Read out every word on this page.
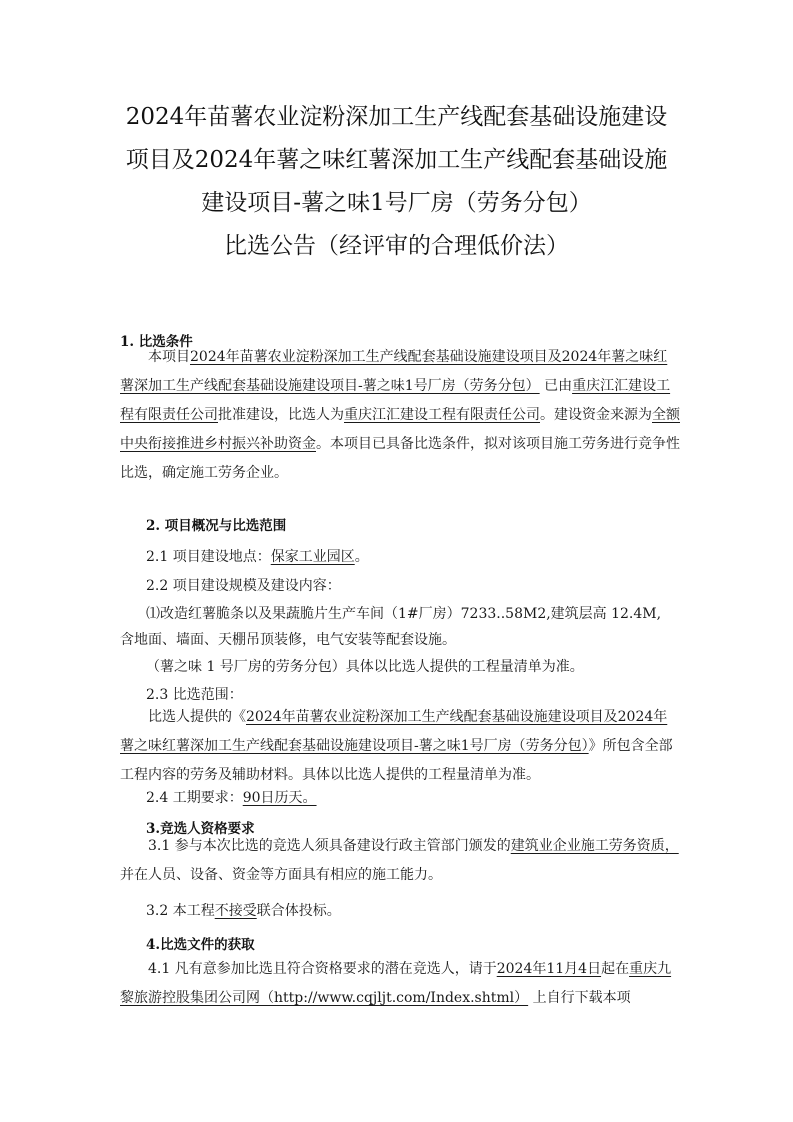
2024年苗薯农业淀粉深加工生产线配套基础设施建设
项目及2024年薯之味红薯深加工生产线配套基础设施
建设项目-薯之味1号厂房（劳务分包）
比选公告（经评审的合理低价法）
1. 比选条件
本项目2024年苗薯农业淀粉深加工生产线配套基础设施建设项目及2024年薯之味红薯深加工生产线配套基础设施建设项目-薯之味1号厂房（劳务分包） 已由重庆江汇建设工程有限责任公司批准建设，比选人为重庆江汇建设工程有限责任公司。建设资金来源为全额中央衔接推进乡村振兴补助资金。本项目已具备比选条件，拟对该项目施工劳务进行竞争性比选，确定施工劳务企业。
2. 项目概况与比选范围
2.1 项目建设地点：保家工业园区。
2.2 项目建设规模及建设内容：
⑴改造红薯脆条以及果蔬脆片生产车间（1#厂房）7233..58M2,建筑层高 12.4M,
含地面、墙面、天棚吊顶装修，电气安装等配套设施。
（薯之味 1 号厂房的劳务分包）具体以比选人提供的工程量清单为准。
2.3 比选范围：
比选人提供的《2024年苗薯农业淀粉深加工生产线配套基础设施建设项目及2024年薯之味红薯深加工生产线配套基础设施建设项目-薯之味1号厂房（劳务分包）》所包含全部工程内容的劳务及辅助材料。具体以比选人提供的工程量清单为准。
2.4 工期要求：90日历天。
3.竞选人资格要求
3.1 参与本次比选的竞选人须具备建设行政主管部门颁发的建筑业企业施工劳务资质，并在人员、设备、资金等方面具有相应的施工能力。
3.2 本工程不接受联合体投标。
4.比选文件的获取
4.1 凡有意参加比选且符合资格要求的潜在竞选人，请于2024年11月4日起在重庆九黎旅游控股集团公司网（http://www.cqjljt.com/Index.shtml） 上自行下载本项
